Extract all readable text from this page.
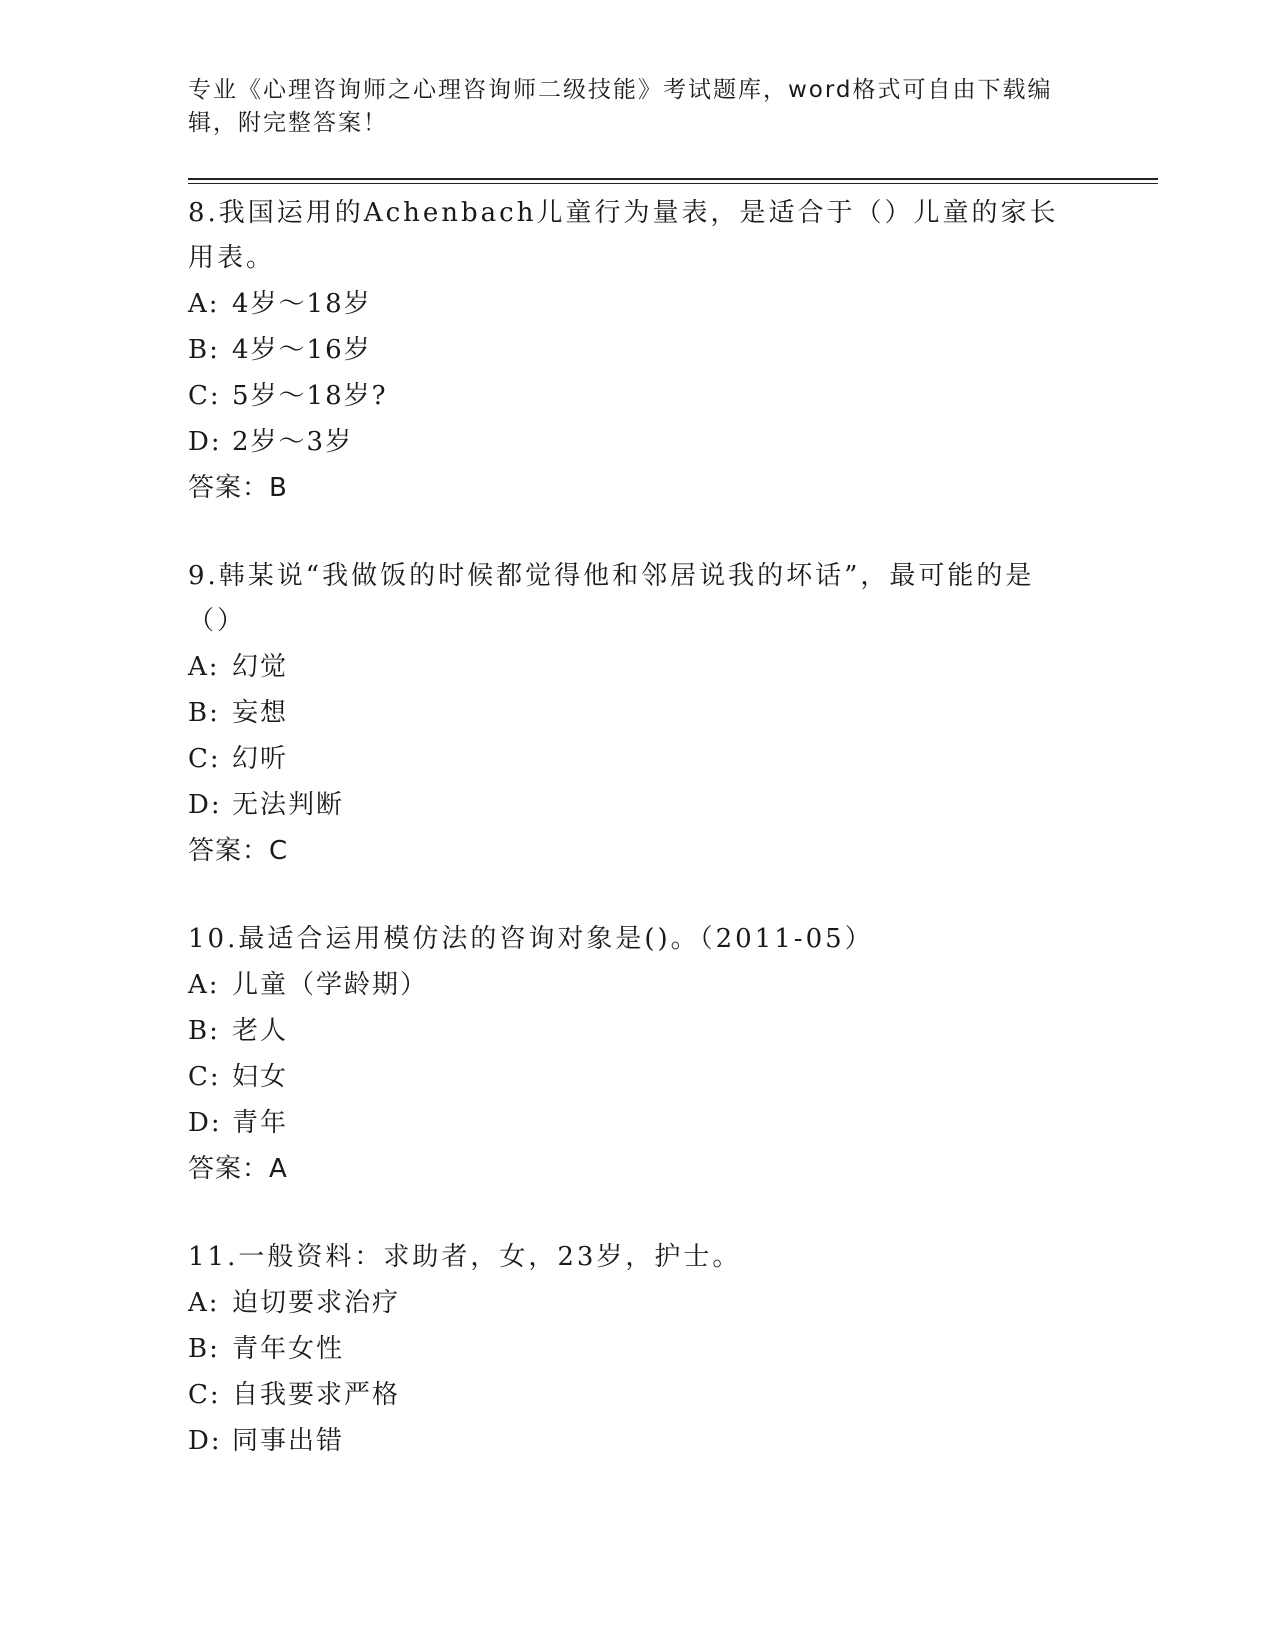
专业《心理咨询师之心理咨询师二级技能》考试题库，word格式可自由下载编辑，附完整答案！

8.我国运用的Achenbach儿童行为量表，是适合于（）儿童的家长用表。

A: 4岁～18岁
B: 4岁～16岁
C: 5岁～18岁?
D: 2岁～3岁
答案：B

9.韩某说“我做饭的时候都觉得他和邻居说我的坏话”，最可能的是（）

A: 幻觉
B: 妄想
C: 幻听
D: 无法判断
答案：C

10.最适合运用模仿法的咨询对象是()。（2011-05）

A: 儿童（学龄期）
B: 老人
C: 妇女
D: 青年
答案：A

11.一般资料：求助者，女，23岁，护士。

A: 迫切要求治疗
B: 青年女性
C: 自我要求严格
D: 同事出错
